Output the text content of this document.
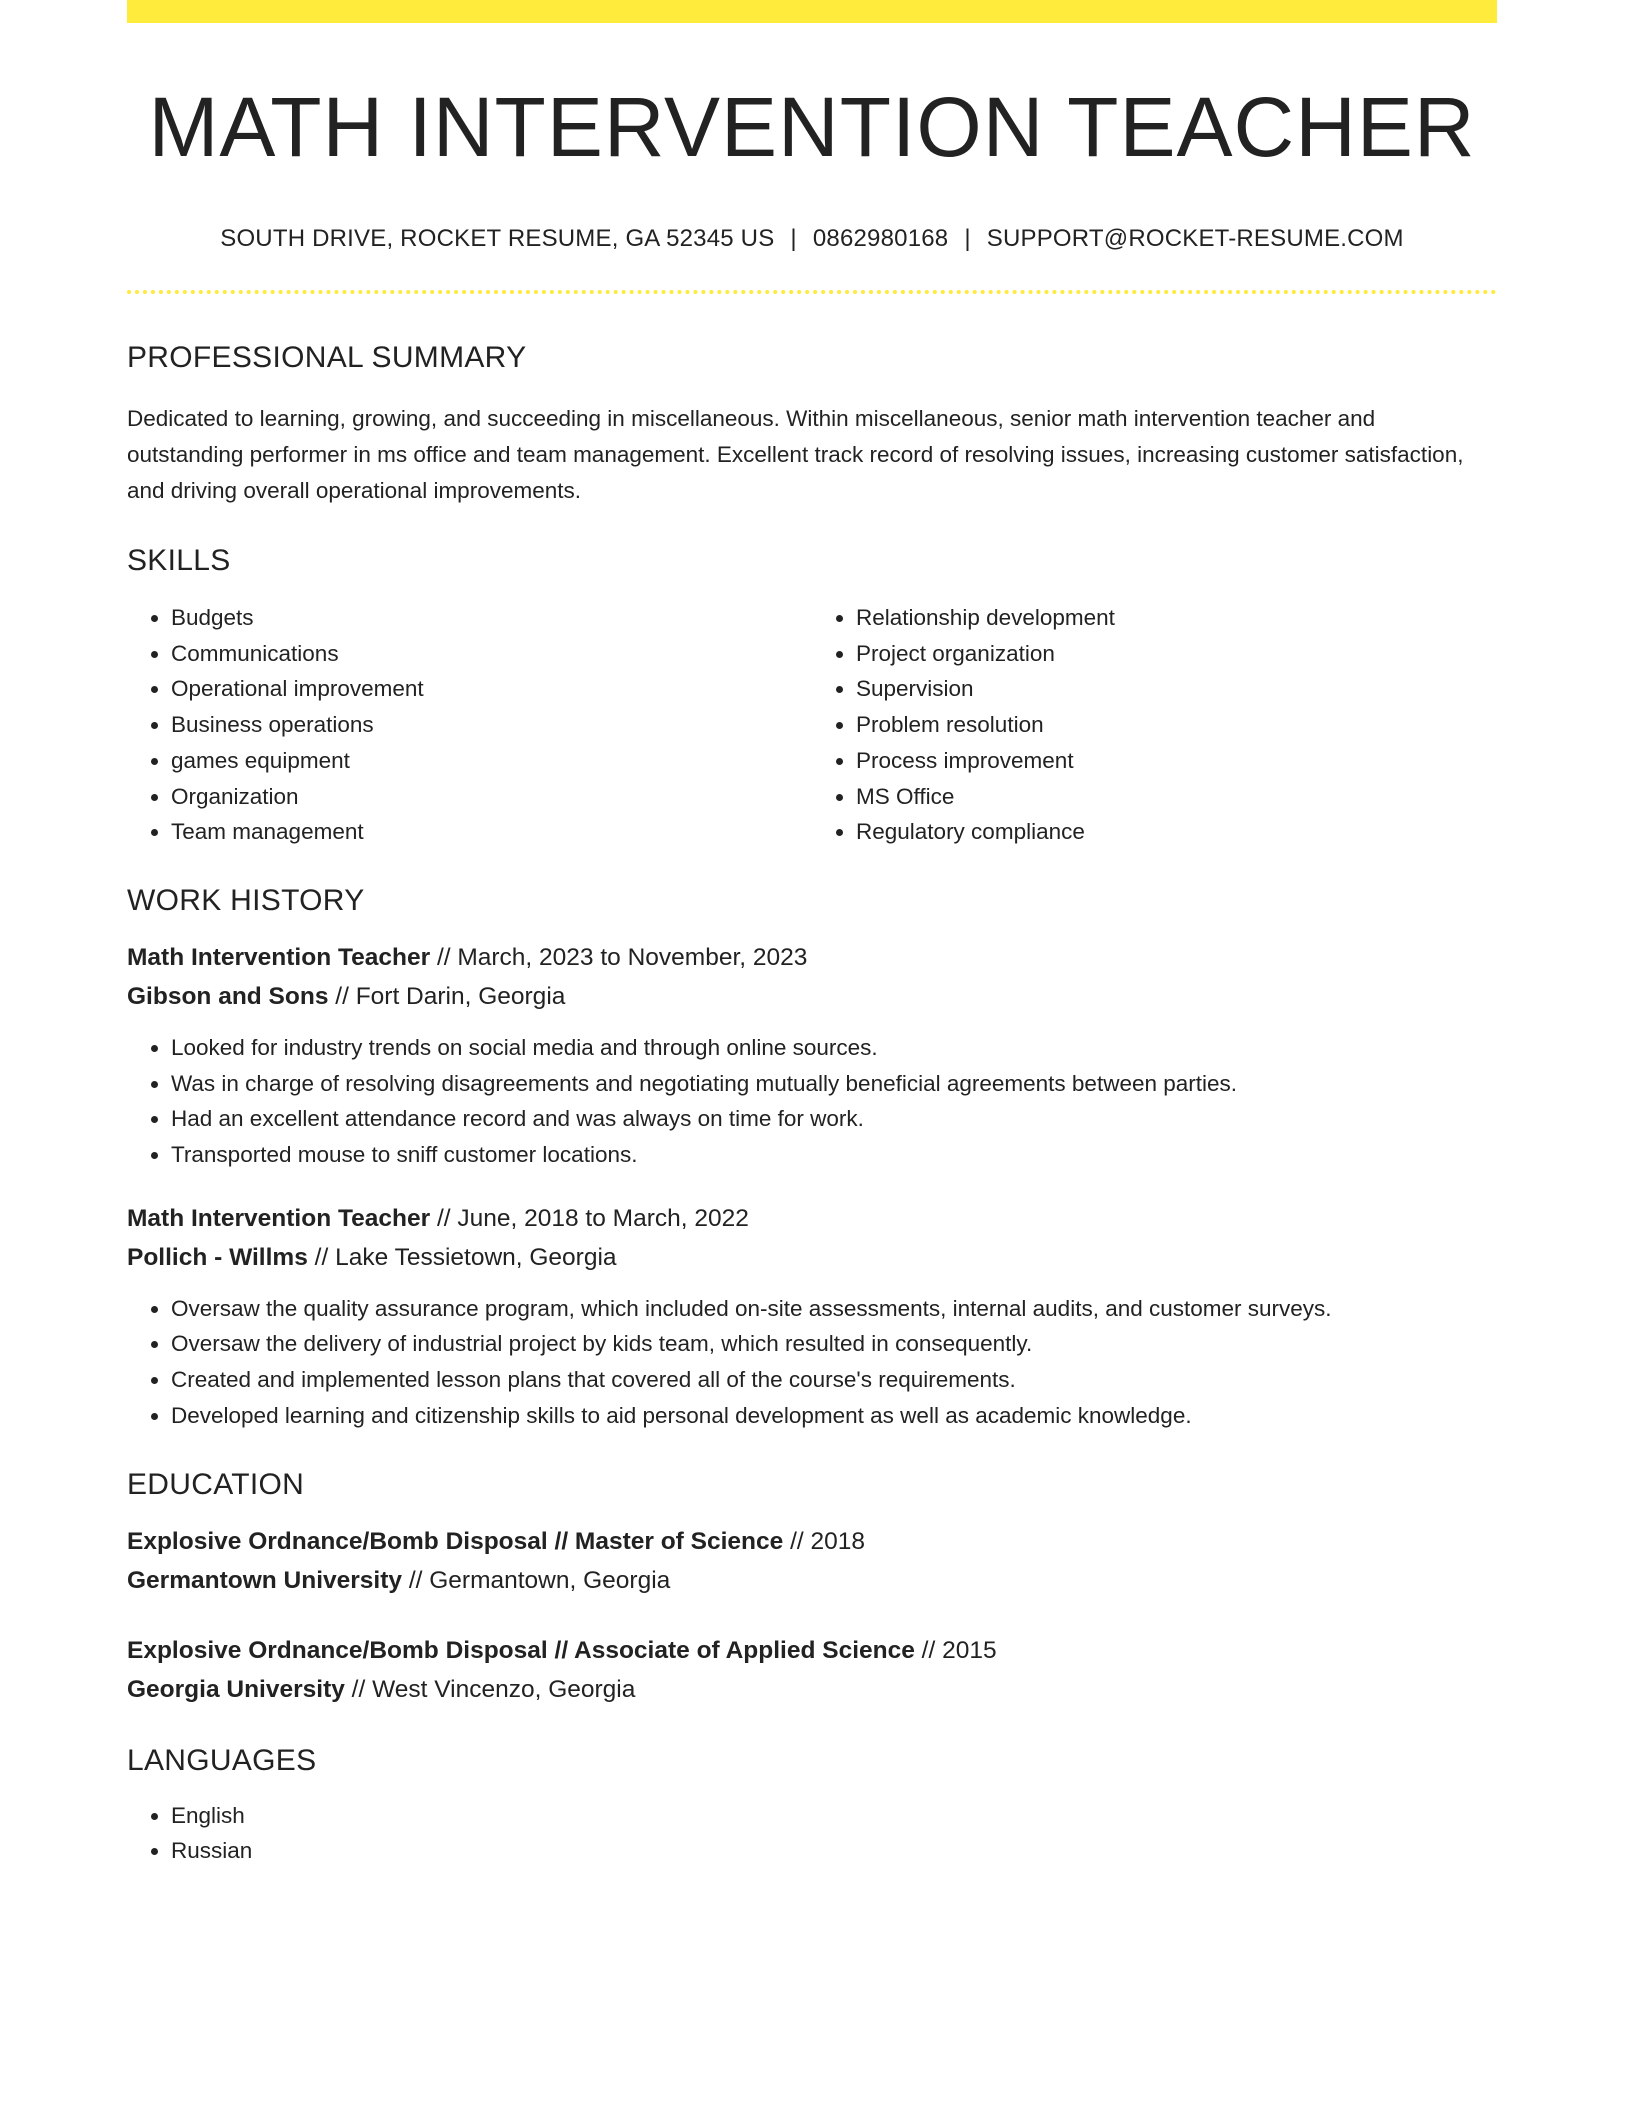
MATH INTERVENTION TEACHER
SOUTH DRIVE, ROCKET RESUME, GA 52345 US | 0862980168 | SUPPORT@ROCKET-RESUME.COM
PROFESSIONAL SUMMARY
Dedicated to learning, growing, and succeeding in miscellaneous. Within miscellaneous, senior math intervention teacher and outstanding performer in ms office and team management. Excellent track record of resolving issues, increasing customer satisfaction, and driving overall operational improvements.
SKILLS
• Budgets
• Communications
• Operational improvement
• Business operations
• games equipment
• Organization
• Team management
• Relationship development
• Project organization
• Supervision
• Problem resolution
• Process improvement
• MS Office
• Regulatory compliance
WORK HISTORY
Math Intervention Teacher // March, 2023 to November, 2023
Gibson and Sons // Fort Darin, Georgia
• Looked for industry trends on social media and through online sources.
• Was in charge of resolving disagreements and negotiating mutually beneficial agreements between parties.
• Had an excellent attendance record and was always on time for work.
• Transported mouse to sniff customer locations.
Math Intervention Teacher // June, 2018 to March, 2022
Pollich - Willms // Lake Tessietown, Georgia
• Oversaw the quality assurance program, which included on-site assessments, internal audits, and customer surveys.
• Oversaw the delivery of industrial project by kids team, which resulted in consequently.
• Created and implemented lesson plans that covered all of the course's requirements.
• Developed learning and citizenship skills to aid personal development as well as academic knowledge.
EDUCATION
Explosive Ordnance/Bomb Disposal // Master of Science // 2018
Germantown University // Germantown, Georgia
Explosive Ordnance/Bomb Disposal // Associate of Applied Science // 2015
Georgia University // West Vincenzo, Georgia
LANGUAGES
• English
• Russian
